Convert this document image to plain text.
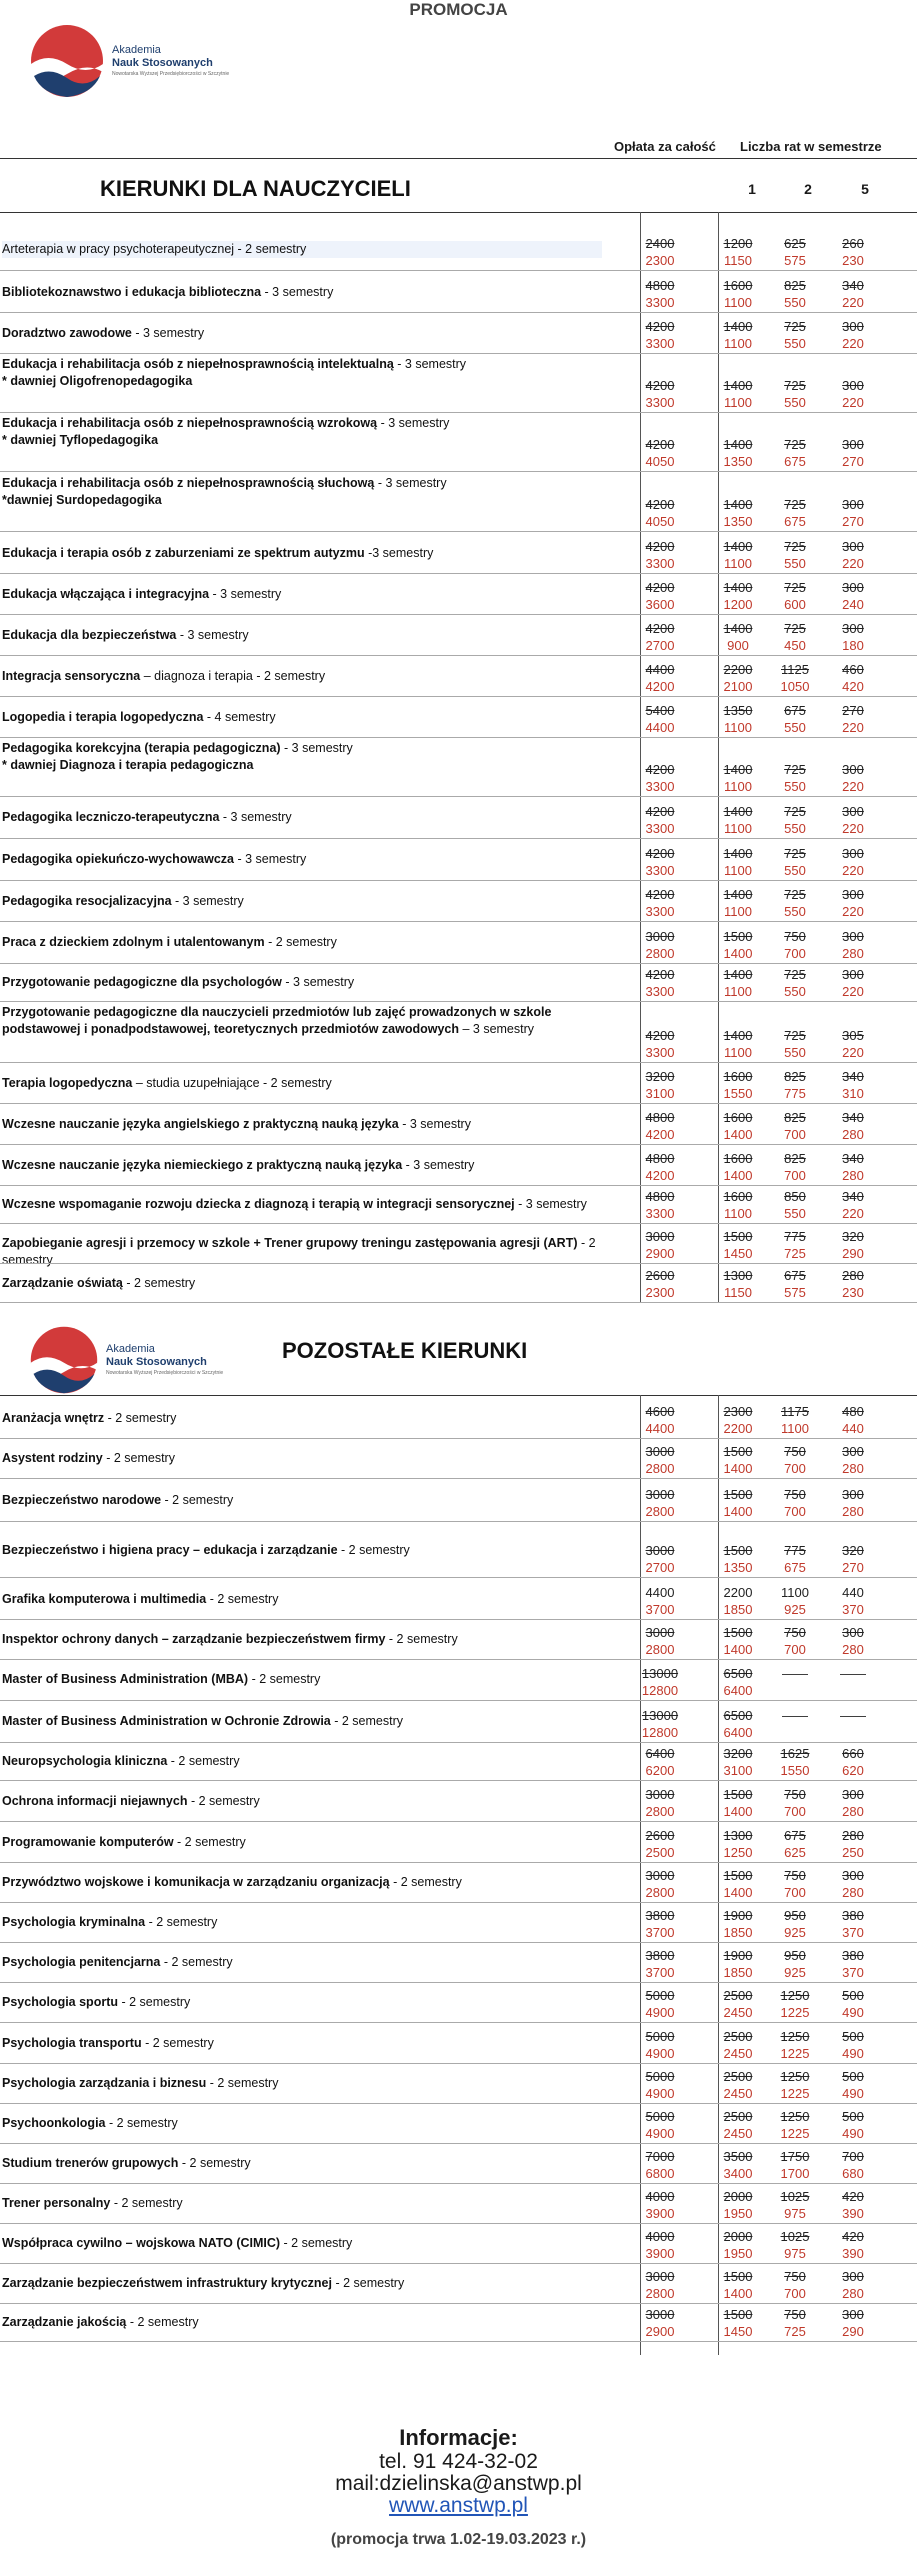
PROMOCJA
Akademia
Nauk Stosowanych
Nowotarska Wyższej Przedsiębiorczości w Szczytnie
Opłata za całość Liczba rat w semestrze
KIERUNKI DLA NAUCZYCIELI	1	2	5
Arteterapia w pracy psychoterapeutycznej - 2 semestry	2400	1200	625	260
2300	1150	575	230
Bibliotekoznawstwo i edukacja biblioteczna - 3 semestry	4800	1600	825	340
3300	1100	550	220
Doradztwo zawodowe - 3 semestry	4200	1400	725	300
3300	1100	550	220
Edukacja i rehabilitacja osób z niepełnosprawnością intelektualną - 3 semestry
* dawniej Oligofrenopedagogika	4200	1400	725	300
3300	1100	550	220
Edukacja i rehabilitacja osób z niepełnosprawnością wzrokową - 3 semestry
* dawniej Tyflopedagogika	4200	1400	725	300
4050	1350	675	270
Edukacja i rehabilitacja osób z niepełnosprawnością słuchową - 3 semestry
*dawniej Surdopedagogika	4200	1400	725	300
4050	1350	675	270
Edukacja i terapia osób z zaburzeniami ze spektrum autyzmu -3 semestry	4200	1400	725	300
3300	1100	550	220
Edukacja włączająca i integracyjna - 3 semestry	4200	1400	725	300
3600	1200	600	240
Edukacja dla bezpieczeństwa - 3 semestry	4200	1400	725	300
2700	900	450	180
Integracja sensoryczna – diagnoza i terapia - 2 semestry	4400	2200	1125	460
4200	2100	1050	420
Logopedia i terapia logopedyczna - 4 semestry	5400	1350	675	270
4400	1100	550	220
Pedagogika korekcyjna (terapia pedagogiczna) - 3 semestry
* dawniej Diagnoza i terapia pedagogiczna	4200	1400	725	300
3300	1100	550	220
Pedagogika leczniczo-terapeutyczna - 3 semestry	4200	1400	725	300
3300	1100	550	220
Pedagogika opiekuńczo-wychowawcza - 3 semestry	4200	1400	725	300
3300	1100	550	220
Pedagogika resocjalizacyjna - 3 semestry	4200	1400	725	300
3300	1100	550	220
Praca z dzieckiem zdolnym i utalentowanym - 2 semestry	3000	1500	750	300
2800	1400	700	280
Przygotowanie pedagogiczne dla psychologów - 3 semestry	4200	1400	725	300
3300	1100	550	220
Przygotowanie pedagogiczne dla nauczycieli przedmiotów lub zajęć prowadzonych w szkole podstawowej i ponadpodstawowej, teoretycznych przedmiotów zawodowych – 3 semestry	4200	1400	725	305
3300	1100	550	220
Terapia logopedyczna – studia uzupełniające - 2 semestry	3200	1600	825	340
3100	1550	775	310
Wczesne nauczanie języka angielskiego z praktyczną nauką języka - 3 semestry	4800	1600	825	340
4200	1400	700	280
Wczesne nauczanie języka niemieckiego z praktyczną nauką języka - 3 semestry	4800	1600	825	340
4200	1400	700	280
Wczesne wspomaganie rozwoju dziecka z diagnozą i terapią w integracji sensorycznej - 3 semestry	4800	1600	850	340
3300	1100	550	220
Zapobieganie agresji i przemocy w szkole + Trener grupowy treningu zastępowania agresji (ART) - 2 semestry
3000	1500	775	320
2900	1450	725	290
Zarządzanie oświatą - 2 semestry	2600	1300	675	280
2300	1150	575	230
Akademia
Nauk Stosowanych
Nowotarska Wyższej Przedsiębiorczości w Szczytnie
POZOSTAŁE KIERUNKI
Aranżacja wnętrz - 2 semestry	4600	2300	1175	480
4400	2200	1100	440
Asystent rodziny - 2 semestry	3000	1500	750	300
2800	1400	700	280
Bezpieczeństwo narodowe - 2 semestry	3000	1500	750	300
2800	1400	700	280
Bezpieczeństwo i higiena pracy – edukacja i zarządzanie - 2 semestry	3000	1500	775	320
2700	1350	675	270
Grafika komputerowa i multimedia - 2 semestry	4400	2200	1100	440
3700	1850	925	370
Inspektor ochrony danych – zarządzanie bezpieczeństwem firmy - 2 semestry	3000	1500	750	300
2800	1400	700	280
Master of Business Administration (MBA) - 2 semestry	13000	6500	——	——
12800	6400
Master of Business Administration w Ochronie Zdrowia - 2 semestry	13000	6500	——	——
12800	6400
Neuropsychologia kliniczna - 2 semestry	6400	3200	1625	660
6200	3100	1550	620
Ochrona informacji niejawnych - 2 semestry	3000	1500	750	300
2800	1400	700	280
Programowanie komputerów - 2 semestry	2600	1300	675	280
2500	1250	625	250
Przywództwo wojskowe i komunikacja w zarządzaniu organizacją - 2 semestry	3000	1500	750	300
2800	1400	700	280
Psychologia kryminalna - 2 semestry	3800	1900	950	380
3700	1850	925	370
Psychologia penitencjarna - 2 semestry	3800	1900	950	380
3700	1850	925	370
Psychologia sportu - 2 semestry	5000	2500	1250	500
4900	2450	1225	490
Psychologia transportu - 2 semestry	5000	2500	1250	500
4900	2450	1225	490
Psychologia zarządzania i biznesu - 2 semestry	5000	2500	1250	500
4900	2450	1225	490
Psychoonkologia - 2 semestry	5000	2500	1250	500
4900	2450	1225	490
Studium trenerów grupowych - 2 semestry	7000	3500	1750	700
6800	3400	1700	680
Trener personalny - 2 semestry	4000	2000	1025	420
3900	1950	975	390
Współpraca cywilno – wojskowa NATO (CIMIC) - 2 semestry	4000	2000	1025	420
3900	1950	975	390
Zarządzanie bezpieczeństwem infrastruktury krytycznej - 2 semestry	3000	1500	750	300
2800	1400	700	280
Zarządzanie jakością - 2 semestry	3000	1500	750	300
2900	1450	725	290
Informacje:
tel. 91 424-32-02
mail:dzielinska@anstwp.pl
www.anstwp.pl
(promocja trwa 1.02-19.03.2023 r.)
